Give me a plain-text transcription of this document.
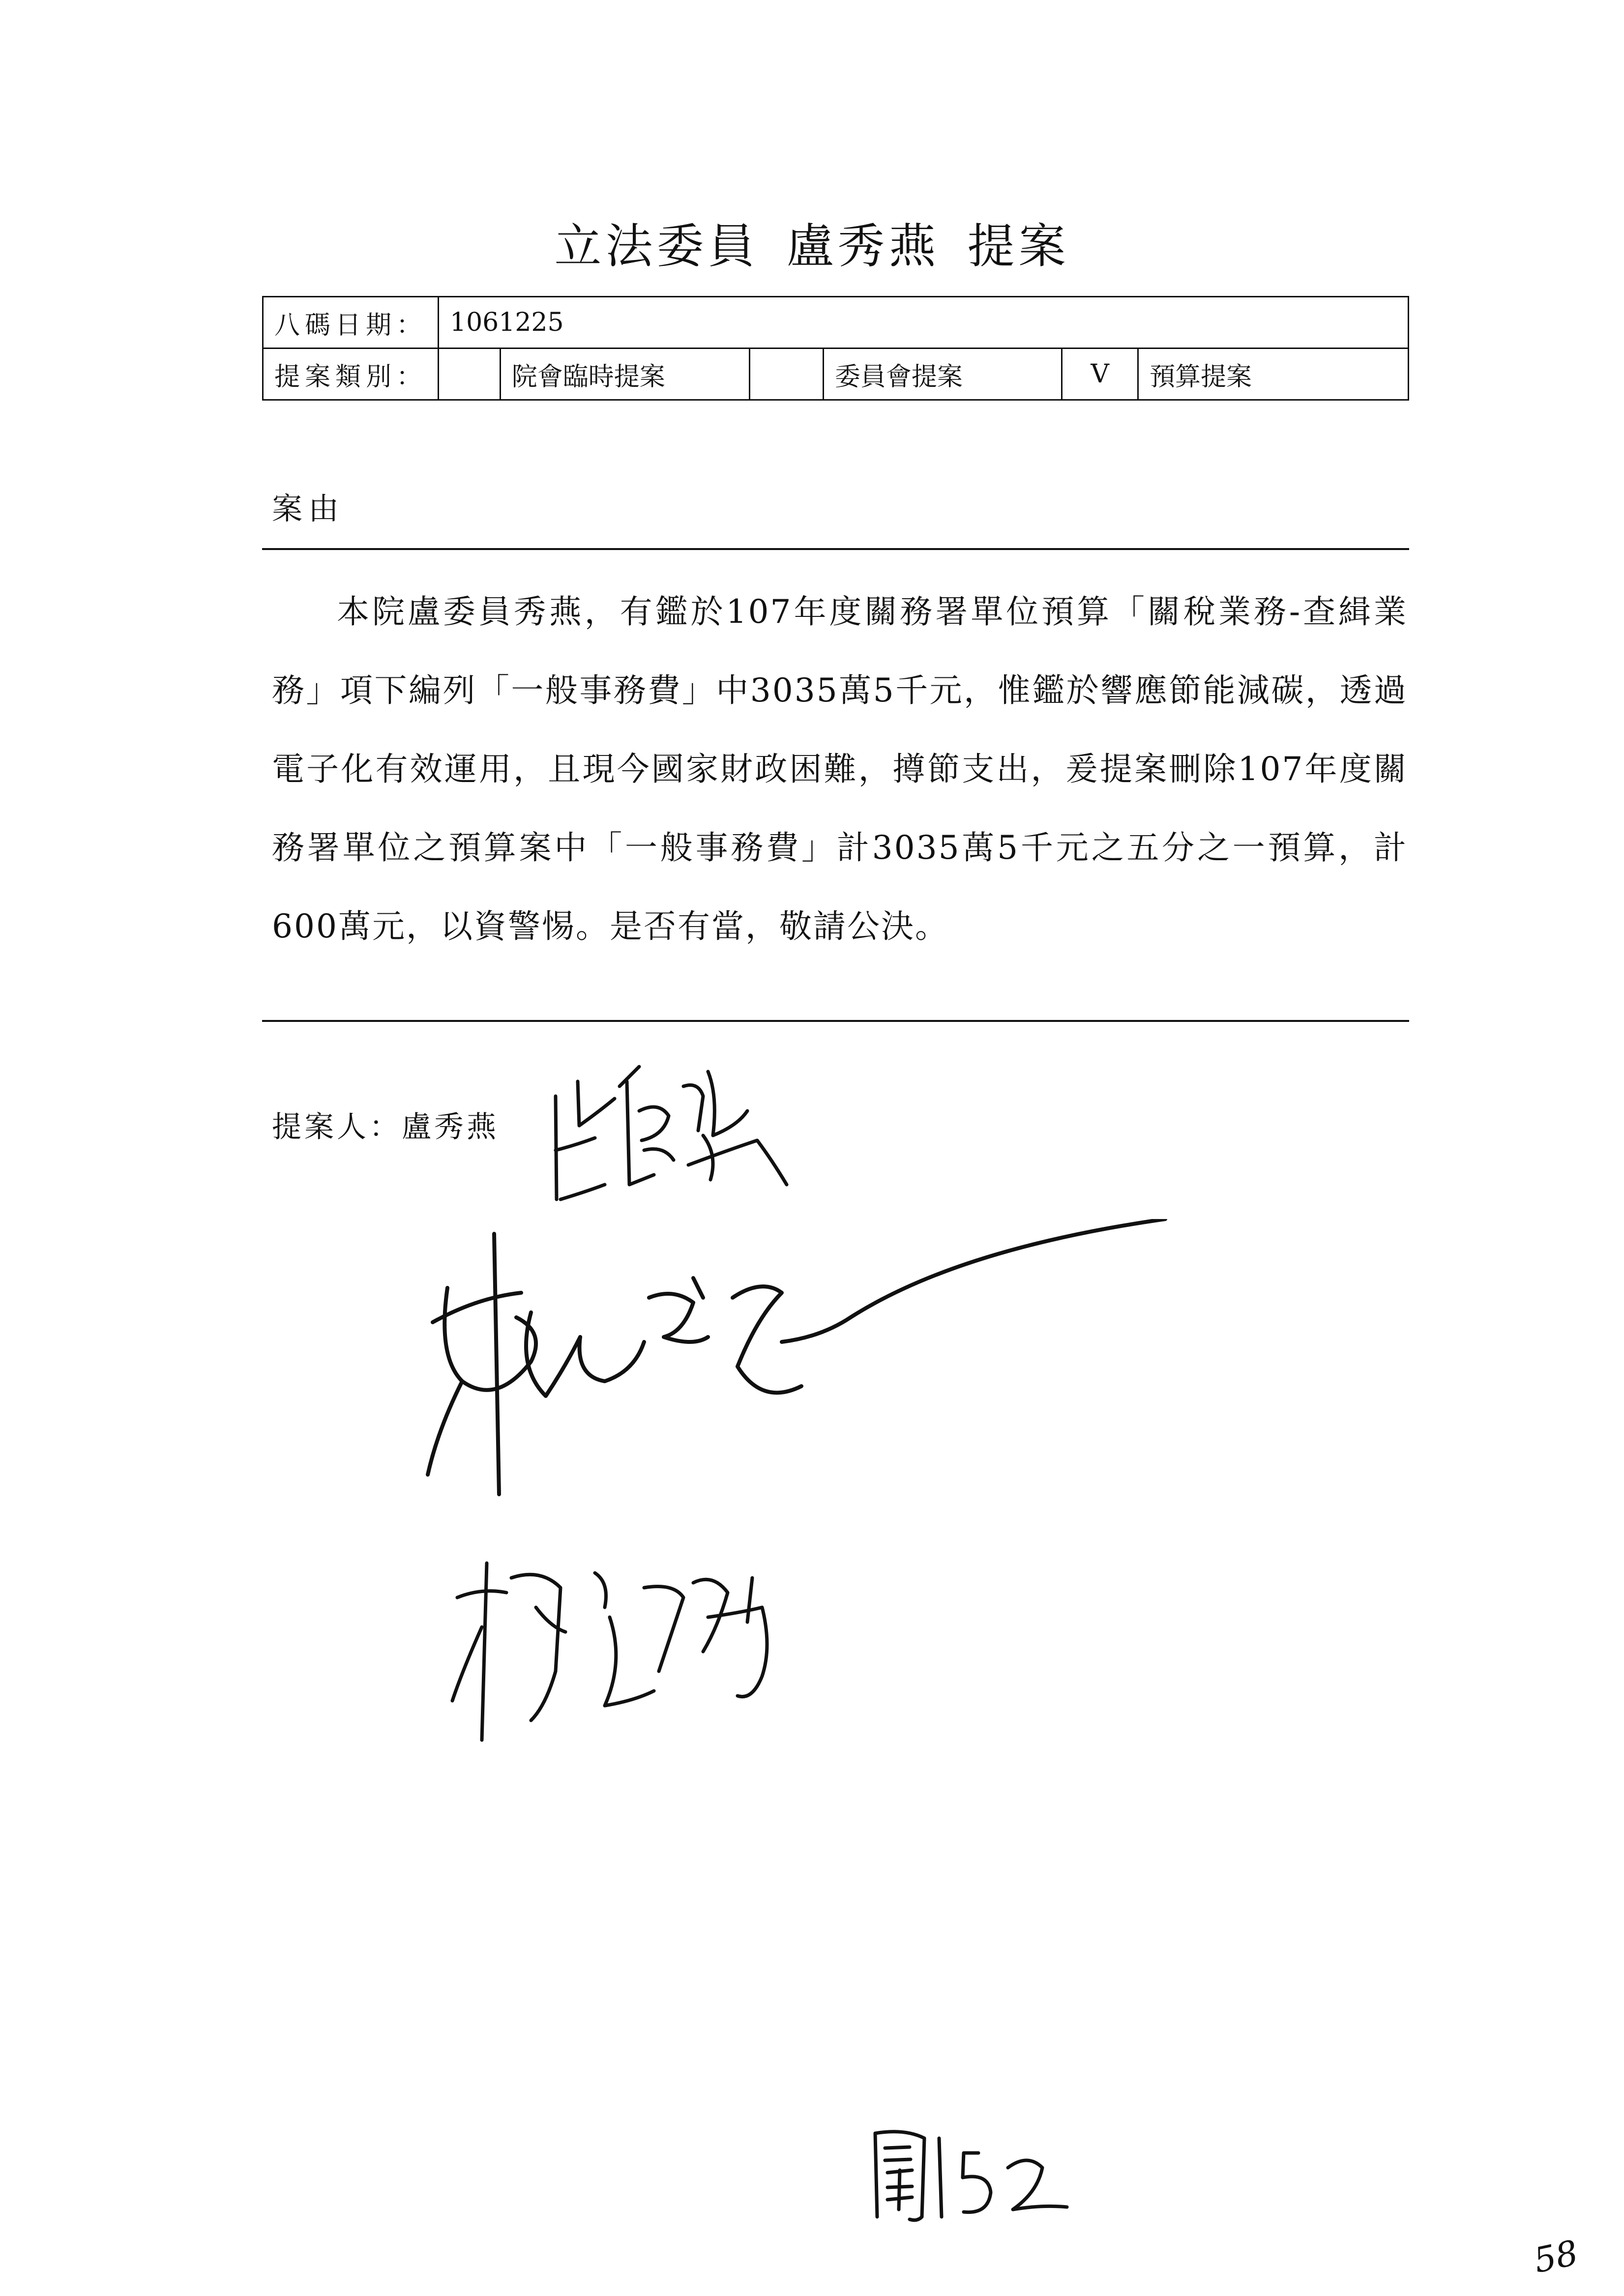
立法委員 盧秀燕 提案
八碼日期：	1061225					
提案類別：		院會臨時提案		委員會提案	V	預算提案
案由
本院盧委員秀燕，有鑑於107年度關務署單位預算「關稅業務-查緝業務」項下編列「一般事務費」中3035萬5千元，惟鑑於響應節能減碳，透過電子化有效運用，且現今國家財政困難，撙節支出，爰提案刪除107年度關務署單位之預算案中「一般事務費」計3035萬5千元之五分之一預算，計600萬元，以資警惕。是否有當，敬請公決。
提案人：盧秀燕
58
